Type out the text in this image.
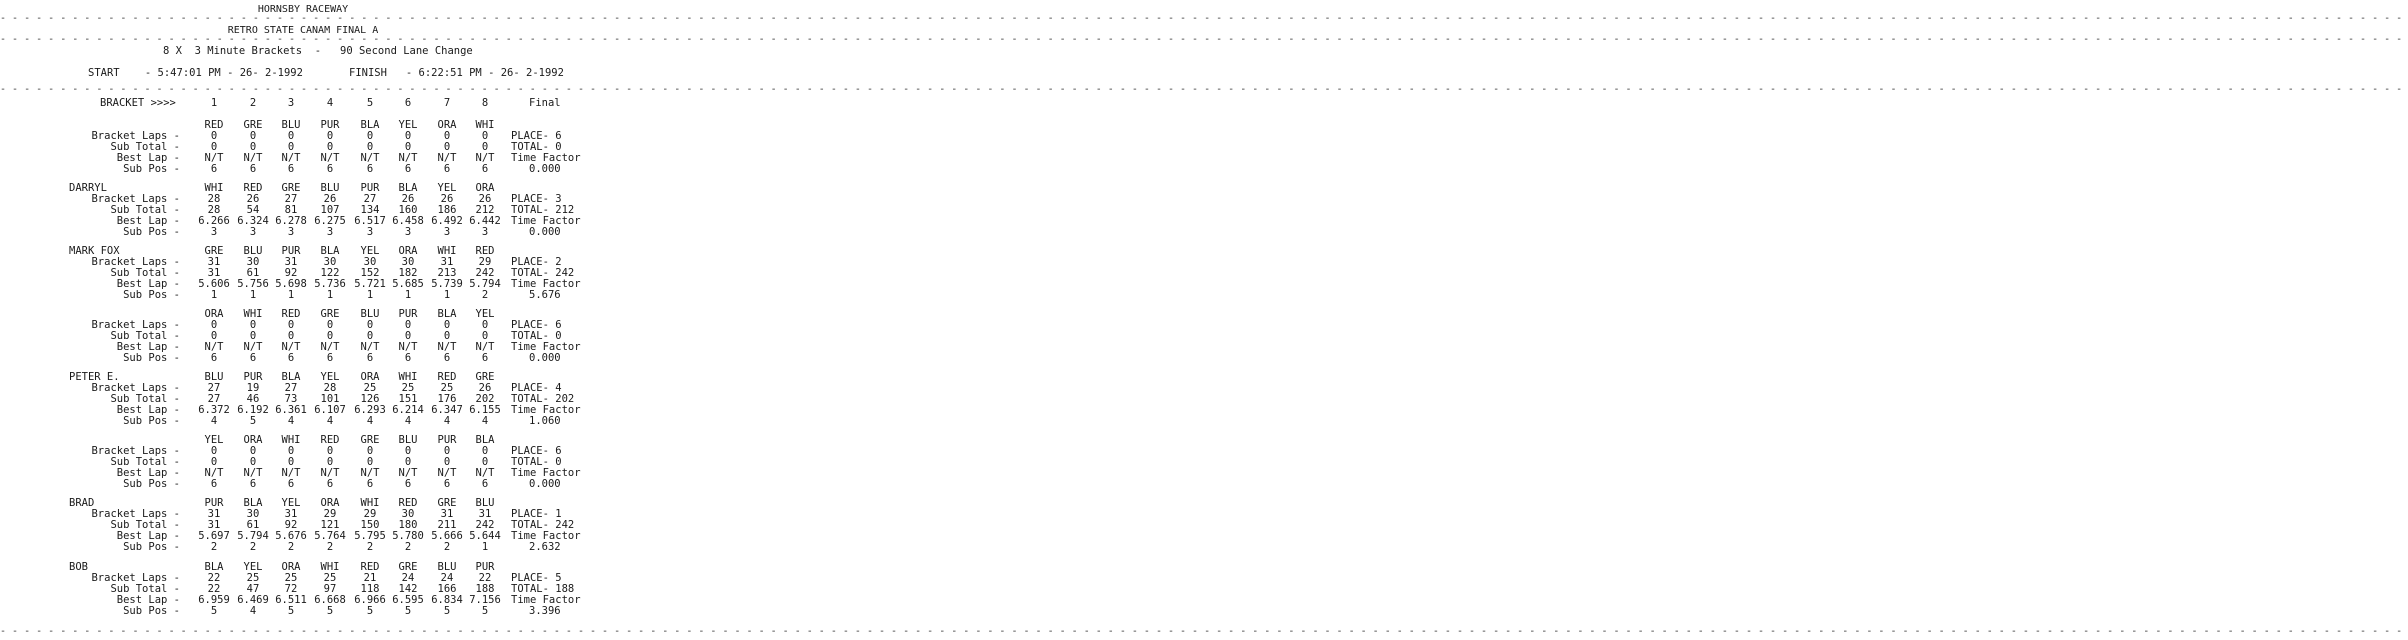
HORNSBY RACEWAY
- - - - - - - - - - - - - - - - - - - - - - - - - - - - - - - - - - - - - - - - - - - - - - - - - - - - - - - - - - - - - - - - - - - - - - - - - - - - - - - - - - - - - - - - - - - - - - - - - - - - - - - - - - - - - - - - - - - - - - - - - - - - - - - - - - - - - - - - - - - - - - - - - - - - - - - - - - - - - - - - - - - - - - - - - - - - - - - - - - - - - - - - - - - - - - - - - - - - - - - -
RETRO STATE CANAM FINAL A
- - - - - - - - - - - - - - - - - - - - - - - - - - - - - - - - - - - - - - - - - - - - - - - - - - - - - - - - - - - - - - - - - - - - - - - - - - - - - - - - - - - - - - - - - - - - - - - - - - - - - - - - - - - - - - - - - - - - - - - - - - - - - - - - - - - - - - - - - - - - - - - - - - - - - - - - - - - - - - - - - - - - - - - - - - - - - - - - - - - - - - - - - - - - - - - - - - - - - - - -
8 X  3 Minute Brackets  -   90 Second Lane Change
START    - 5:47:01 PM - 26- 2-1992	FINISH   - 6:22:51 PM - 26- 2-1992
- - - - - - - - - - - - - - - - - - - - - - - - - - - - - - - - - - - - - - - - - - - - - - - - - - - - - - - - - - - - - - - - - - - - - - - - - - - - - - - - - - - - - - - - - - - - - - - - - - - - - - - - - - - - - - - - - - - - - - - - - - - - - - - - - - - - - - - - - - - - - - - - - - - - - - - - - - - - - - - - - - - - - - - - - - - - - - - - - - - - - - - - - - - - - - - - - - - - - - - -
BRACKET >>>>	1	2	3	4	5	6	7	8	Final
RED	GRE	BLU	PUR	BLA	YEL	ORA	WHI
Bracket Laps -	0	0	0	0	0	0	0	0	PLACE- 6
Sub Total -	0	0	0	0	0	0	0	0	TOTAL- 0
Best Lap -	N/T	N/T	N/T	N/T	N/T	N/T	N/T	N/T	Time Factor
Sub Pos -	6	6	6	6	6	6	6	6	0.000
DARRYL	WHI	RED	GRE	BLU	PUR	BLA	YEL	ORA
Bracket Laps -	28	26	27	26	27	26	26	26	PLACE- 3
Sub Total -	28	54	81	107	134	160	186	212	TOTAL- 212
Best Lap -	6.266 6.324 6.278 6.275 6.517 6.458 6.492 6.442 Time Factor
Sub Pos -	3	3	3	3	3	3	3	3	0.000
MARK FOX	GRE	BLU	PUR	BLA	YEL	ORA	WHI	RED
Bracket Laps -	31	30	31	30	30	30	31	29	PLACE- 2
Sub Total -	31	61	92	122	152	182	213	242	TOTAL- 242
Best Lap -	5.606 5.756 5.698 5.736 5.721 5.685 5.739 5.794 Time Factor
Sub Pos -	1	1	1	1	1	1	1	2	5.676
ORA	WHI	RED	GRE	BLU	PUR	BLA	YEL
Bracket Laps -	0	0	0	0	0	0	0	0	PLACE- 6
Sub Total -	0	0	0	0	0	0	0	0	TOTAL- 0
Best Lap -	N/T	N/T	N/T	N/T	N/T	N/T	N/T	N/T	Time Factor
Sub Pos -	6	6	6	6	6	6	6	6	0.000
PETER E.	BLU	PUR	BLA	YEL	ORA	WHI	RED	GRE
Bracket Laps -	27	19	27	28	25	25	25	26	PLACE- 4
Sub Total -	27	46	73	101	126	151	176	202	TOTAL- 202
Best Lap -	6.372 6.192 6.361 6.107 6.293 6.214 6.347 6.155 Time Factor
Sub Pos -	4	5	4	4	4	4	4	4	1.060
YEL	ORA	WHI	RED	GRE	BLU	PUR	BLA
Bracket Laps -	0	0	0	0	0	0	0	0	PLACE- 6
Sub Total -	0	0	0	0	0	0	0	0	TOTAL- 0
Best Lap -	N/T	N/T	N/T	N/T	N/T	N/T	N/T	N/T	Time Factor
Sub Pos -	6	6	6	6	6	6	6	6	0.000
BRAD	PUR	BLA	YEL	ORA	WHI	RED	GRE	BLU
Bracket Laps -	31	30	31	29	29	30	31	31	PLACE- 1
Sub Total -	31	61	92	121	150	180	211	242	TOTAL- 242
Best Lap -	5.697 5.794 5.676 5.764 5.795 5.780 5.666 5.644 Time Factor
Sub Pos -	2	2	2	2	2	2	2	1	2.632
BOB	BLA	YEL	ORA	WHI	RED	GRE	BLU	PUR
Bracket Laps -	22	25	25	25	21	24	24	22	PLACE- 5
Sub Total -	22	47	72	97	118	142	166	188	TOTAL- 188
Best Lap -	6.959 6.469 6.511 6.668 6.966 6.595 6.834 7.156 Time Factor
Sub Pos -	5	4	5	5	5	5	5	5	3.396
- - - - - - - - - - - - - - - - - - - - - - - - - - - - - - - - - - - - - - - - - - - - - - - - - - - - - - - - - - - - - - - - - - - - - - - - - - - - - - - - - - - - - - - - - - - - - - - - - - - - - - - - - - - - - - - - - - - - - - - - - - - - - - - - - - - - - - - - - - - - - - - - - - - - - - - - - - - - - - - - - - - - - - - - - - - - - - - - - - - - - - - - - - - - - - - - - - - - - - - -
